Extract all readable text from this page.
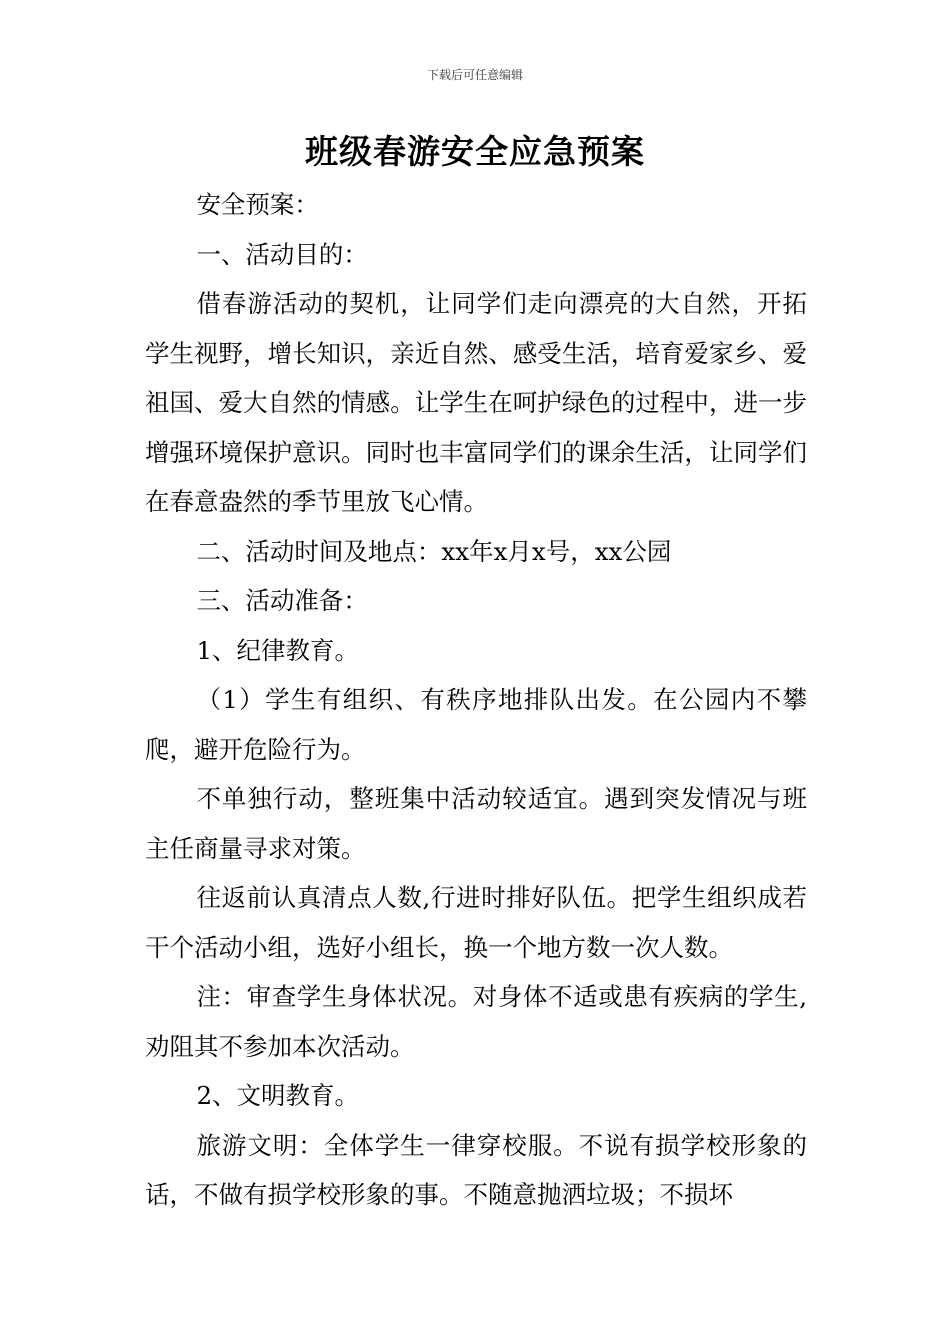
下载后可任意编辑
班级春游安全应急预案

安全预案：

一、活动目的：

借春游活动的契机，让同学们走向漂亮的大自然，开拓学生视野，增长知识，亲近自然、感受生活，培育爱家乡、爱祖国、爱大自然的情感。让学生在呵护绿色的过程中，进一步增强环境保护意识。同时也丰富同学们的课余生活，让同学们在春意盎然的季节里放飞心情。

二、活动时间及地点：xx年x月x号，xx公园

三、活动准备：

1、纪律教育。

（1）学生有组织、有秩序地排队出发。在公园内不攀爬，避开危险行为。

不单独行动，整班集中活动较适宜。遇到突发情况与班主任商量寻求对策。

往返前认真清点人数,行进时排好队伍。把学生组织成若干个活动小组，选好小组长，换一个地方数一次人数。

注：审查学生身体状况。对身体不适或患有疾病的学生,劝阻其不参加本次活动。

2、文明教育。

旅游文明：全体学生一律穿校服。不说有损学校形象的话，不做有损学校形象的事。不随意抛洒垃圾；不损坏
